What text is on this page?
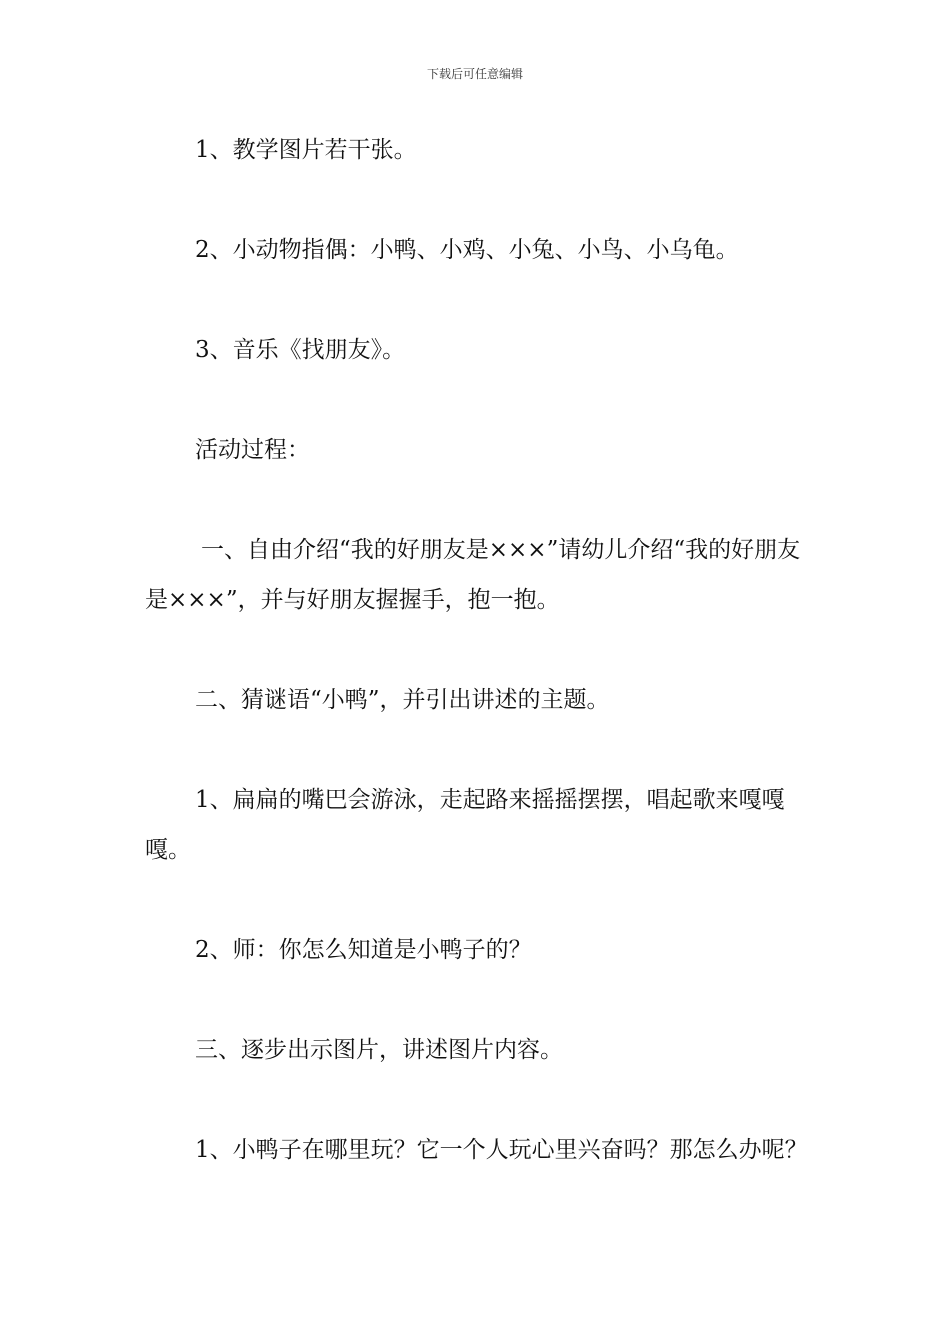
下载后可任意编辑
1、教学图片若干张。
2、小动物指偶：小鸭、小鸡、小兔、小鸟、小乌龟。
3、音乐《找朋友》。
活动过程：
一、自由介绍“我的好朋友是×××”请幼儿介绍“我的好朋友是×××”，并与好朋友握握手，抱一抱。
二、猜谜语“小鸭”，并引出讲述的主题。
1、扁扁的嘴巴会游泳，走起路来摇摇摆摆，唱起歌来嘎嘎嘎。
2、师：你怎么知道是小鸭子的？
三、逐步出示图片，讲述图片内容。
1、小鸭子在哪里玩？它一个人玩心里兴奋吗？那怎么办呢？
